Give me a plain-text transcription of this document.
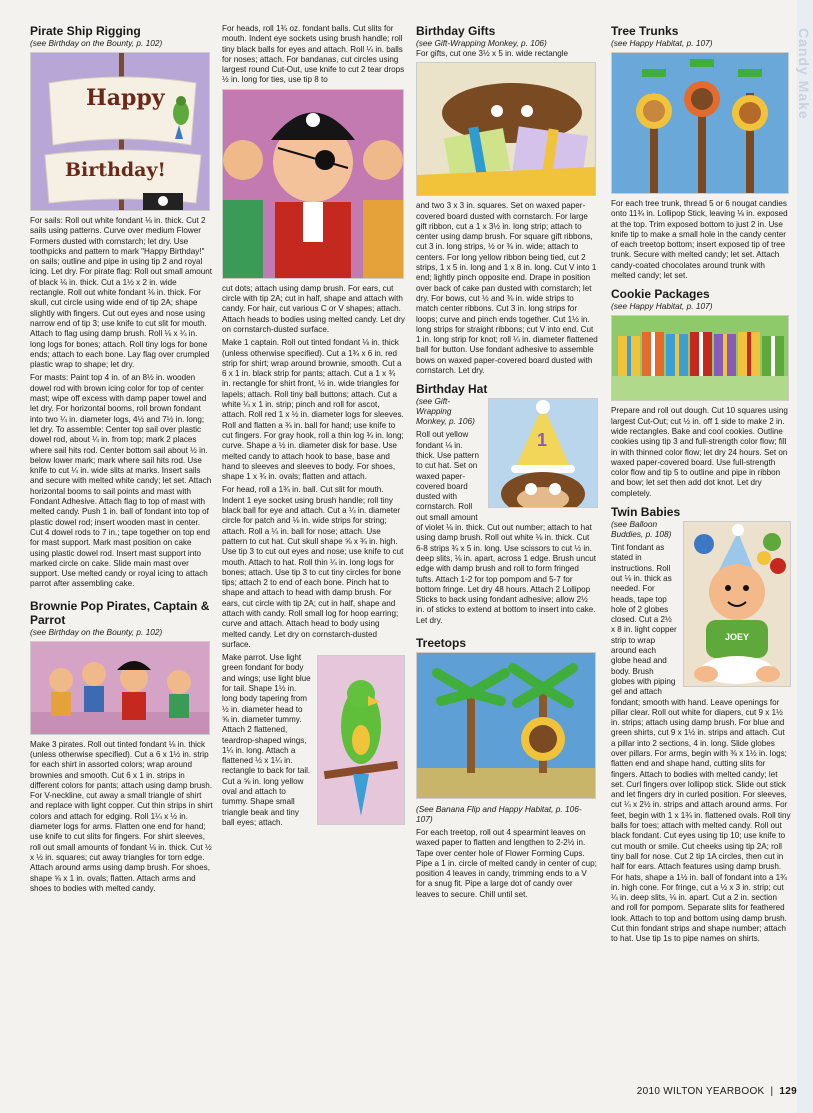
Candy Make
Pirate Ship Rigging
(see Birthday on the Bounty, p. 102)
Happy
Birthday!

For sails: Roll out white fondant ⅛ in. thick. Cut 2 sails using patterns. Curve over medium Flower Formers dusted with cornstarch; let dry. Use toothpicks and pattern to mark "Happy Birthday!" on sails; outline and pipe in using tip 2 and royal icing. Let dry. For pirate flag: Roll out small amount of black ⅛ in. thick. Cut a 1½ x 2 in. wide rectangle. Roll out white fondant ⅛ in. thick. For skull, cut circle using wide end of tip 2A; shape slightly with fingers. Cut out eyes and nose using narrow end of tip 3; use knife to cut slit for mouth. Attach to flag using damp brush. Roll ⅛ x ¼ in. long logs for bones; attach. Roll tiny logs for bone ends; attach to each bone. Lay flag over crumpled plastic wrap to shape; let dry.

For masts: Paint top 4 in. of an 8½ in. wooden dowel rod with brown icing color for top of center mast; wipe off excess with damp paper towel and let dry. For horizontal booms, roll brown fondant into two ¼ in. diameter logs, 4½ and 7½ in. long; let dry. To assemble: Center top sail over plastic dowel rod, about ¼ in. from top; mark 2 places where sail hits rod. Center bottom sail about ½ in. below lower mark; mark where sail hits rod. Use knife to cut ¼ in. wide slits at marks. Insert sails and secure with melted white candy; let set. Attach horizontal booms to sail points and mast with Fondant Adhesive. Attach flag to top of mast with melted candy. Push 1 in. ball of fondant into top of plastic dowel rod; insert wooden mast in center. Cut 4 dowel rods to 7 in.; tape together on top end for mast support. Mark mast position on cake using plastic dowel rod. Insert mast support into marked circle on cake. Slide main mast over support. Use melted candy or royal icing to attach parrot after assembling cake.

Brownie Pop Pirates, Captain & Parrot
(see Birthday on the Bounty, p. 102)

Make 3 pirates. Roll out tinted fondant ⅛ in. thick (unless otherwise specified). Cut a 6 x 1½ in. strip for each shirt in assorted colors; wrap around brownies and smooth. Cut 6 x 1 in. strips in different colors for pants; attach using damp brush. For V-neckline, cut away a small triangle of shirt and replace with light copper. Cut thin strips in shirt colors and attach for edging. Roll 1¼ x ½ in. diameter logs for arms. Flatten one end for hand; use knife to cut slits for fingers. For shirt sleeves, roll out small amounts of fondant ⅛ in. thick. Cut ½ x ½ in. squares; cut away triangles for torn edge. Attach around arms using damp brush. For shoes, shape ⅝ x 1 in. ovals; flatten. Attach arms and shoes to bodies with melted candy.

For heads, roll 1¾ oz. fondant balls. Cut slits for mouth. Indent eye sockets using brush handle; roll tiny black balls for eyes and attach. Roll ¼ in. balls for noses; attach. For bandanas, cut circles using largest round Cut-Out, use knife to cut 2 tear drops ½ in. long for ties, use tip 8 to

cut dots; attach using damp brush. For ears, cut circle with tip 2A; cut in half, shape and attach with candy. For hair, cut various C or V shapes; attach. Attach heads to bodies using melted candy. Let dry on cornstarch-dusted surface.

Make 1 captain. Roll out tinted fondant ⅛ in. thick (unless otherwise specified). Cut a 1¾ x 6 in. red strip for shirt; wrap around brownie, smooth. Cut a 6 x 1 in. black strip for pants; attach. Cut a 1 x ¾ in. rectangle for shirt front, ½ in. wide triangles for lapels; attach. Roll tiny ball buttons; attach. Cut a white ¼ x 1 in. strip; pinch and roll for ascot, attach. Roll red 1 x ½ in. diameter logs for sleeves. Roll and flatten a ¾ in. ball for hand; use knife to cut fingers. For gray hook, roll a thin log ¾ in. long; curve. Shape a ½ in. diameter disk for base. Use melted candy to attach hook to base, base and hand to sleeves and sleeves to body. For shoes, shape 1 x ¾ in. ovals; flatten and attach.

For head, roll a 1¾ in. ball. Cut slit for mouth. Indent 1 eye socket using brush handle; roll tiny black ball for eye and attach. Cut a ¼ in. diameter circle for patch and ⅛ in. wide strips for string; attach. Roll a ¼ in. ball for nose; attach. Use pattern to cut hat. Cut skull shape ⅝ x ¾ in. high. Use tip 3 to cut out eyes and nose; use knife to cut mouth. Attach to hat. Roll thin ¼ in. long logs for bones; attach. Use tip 3 to cut tiny circles for bone tips; attach 2 to end of each bone. Pinch hat to shape and attach to head with damp brush. For ears, cut circle with tip 2A; cut in half, shape and attach with candy. Roll small log for hoop earring; curve and attach. Attach head to body using melted candy. Let dry on cornstarch-dusted surface.

Make parrot. Use light green fondant for body and wings; use light blue for tail. Shape 1½ in. long body tapering from ½ in. diameter head to ⅝ in. diameter tummy. Attach 2 flattened, teardrop-shaped wings, 1¼ in. long. Attach a flattened ½ x 1¼ in. rectangle to back for tail. Cut a ⅝ in. long yellow oval and attach to tummy. Shape small triangle beak and tiny ball eyes; attach.

Birthday Gifts
(see Gift-Wrapping Monkey, p. 106)

For gifts, cut one 3½ x 5 in. wide rectangle

and two 3 x 3 in. squares. Set on waxed paper-covered board dusted with cornstarch. For large gift ribbon, cut a 1 x 3½ in. long strip; attach to center using damp brush. For square gift ribbons, cut 3 in. long strips, ½ or ⅜ in. wide; attach to centers. For long yellow ribbon being tied, cut 2 strips, 1 x 5 in. long and 1 x 8 in. long. Cut V into 1 end; lightly pinch opposite end. Drape in position over back of cake pan dusted with cornstarch; let dry. For bows, cut ½ and ⅜ in. wide strips to match center ribbons. Cut 3 in. long strips for loops; curve and pinch ends together. Cut 1½ in. long strips for straight ribbons; cut V into end. Cut 1 in. long strip for knot; roll ¼ in. diameter flattened ball for button. Use fondant adhesive to assemble bows on waxed paper-covered board dusted with cornstarch. Let dry.

Birthday Hat
1
(see Gift-Wrapping Monkey, p. 106)

Roll out yellow fondant ⅛ in. thick. Use pattern to cut hat. Set on waxed paper-covered board dusted with cornstarch. Roll out small amount of violet ⅛ in. thick. Cut out number; attach to hat using damp brush. Roll out white ⅛ in. thick. Cut 6-8 strips ¾ x 5 in. long. Use scissors to cut ½ in. deep slits, ⅛ in. apart, across 1 edge. Brush uncut edge with damp brush and roll to form fringed tufts. Attach 1-2 for top pompom and 5-7 for bottom fringe. Let dry 48 hours. Attach 2 Lollipop Sticks to back using fondant adhesive; allow 2½ in. of sticks to extend at bottom to insert into cake. Let dry.

Treetops
(See Banana Flip and Happy Habitat, p. 106-107)

For each treetop, roll out 4 spearmint leaves on waxed paper to flatten and lengthen to 2-2½ in. Tape over center hole of Flower Forming Cups. Pipe a 1 in. circle of melted candy in center of cup; position 4 leaves in candy, trimming ends to a V for a snug fit. Pipe a large dot of candy over leaves to secure. Chill until set.

Tree Trunks
(see Happy Habitat, p. 107)

For each tree trunk, thread 5 or 6 nougat candies onto 11¾ in. Lollipop Stick, leaving ⅛ in. exposed at the top. Trim exposed bottom to just 2 in. Use knife tip to make a small hole in the candy center of each treetop bottom; insert exposed tip of tree trunk. Secure with melted candy; let set. Attach candy-coated chocolates around trunk with melted candy; let set.

Cookie Packages
(see Happy Habitat, p. 107)

Prepare and roll out dough. Cut 10 squares using largest Cut-Out; cut ½ in. off 1 side to make 2 in. wide rectangles. Bake and cool cookies. Outline cookies using tip 3 and full-strength color flow; fill in with thinned color flow; let dry 24 hours. Set on waxed paper-covered board. Use full-strength color flow and tip 5 to outline and pipe in ribbon and bow; let set then add dot knot. Let dry completely.

Twin Babies
JOEY
(see Balloon Buddies, p. 108)

Tint fondant as stated in instructions. Roll out ⅛ in. thick as needed. For heads, tape top hole of 2 globes closed. Cut a 2½ x 8 in. light copper strip to wrap around each globe head and body. Brush globes with piping gel and attach fondant; smooth with hand. Leave openings for pillar clear. Roll out white for diapers, cut 9 x 1½ in. strips; attach using damp brush. For blue and green shirts, cut 9 x 1½ in. strips and attach. Cut a pillar into 2 sections, 4 in. long. Slide globes over pillars. For arms, begin with ⅜ x 1½ in. logs; flatten end and shape hand, cutting slits for fingers. Attach to bodies with melted candy; let set. Curl fingers over lollipop stick. Slide out stick and let fingers dry in curled position. For sleeves, cut ¼ x 2½ in. strips and attach around arms. For feet, begin with 1 x 1¾ in. flattened ovals. Roll tiny balls for toes; attach with melted candy. Roll out black fondant. Cut eyes using tip 10; use knife to cut mouth or smile. Cut cheeks using tip 2A; roll tiny ball for nose. Cut 2 tip 1A circles, then cut in half for ears. Attach features using damp brush. For hats, shape a 1½ in. ball of fondant into a 1¾ in. high cone. For fringe, cut a ½ x 3 in. strip; cut ¼ in. deep slits, ⅛ in. apart. Cut a 2 in. section and roll for pompom. Separate slits for feathered look. Attach to top and bottom using damp brush. Cut thin fondant strips and shape number; attach to hat. Use tip 1s to pipe names on shirts.

2010 WILTON YEARBOOK | 129
